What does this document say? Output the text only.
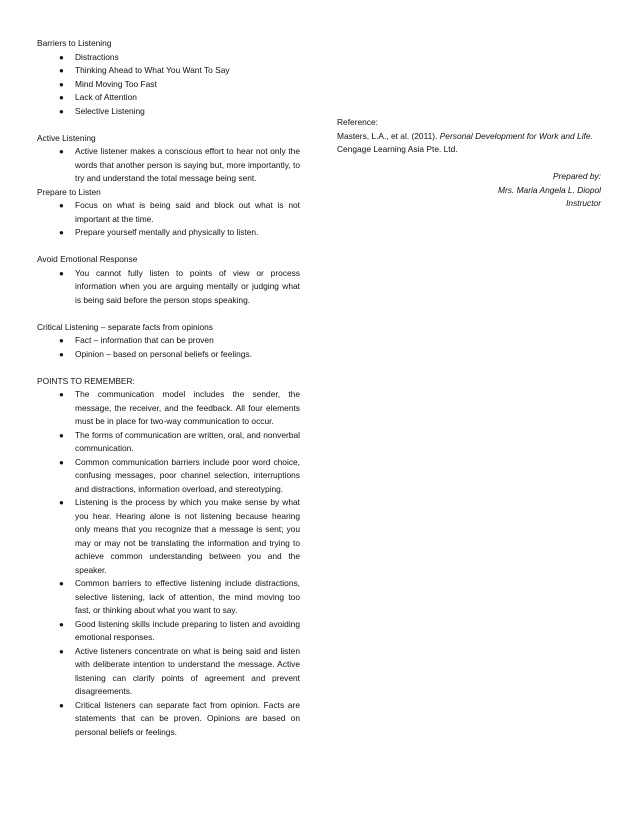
Barriers to Listening

● Distractions
● Thinking Ahead to What You Want To Say
● Mind Moving Too Fast
● Lack of Attention
● Selective Listening

Active Listening

● Active listener makes a conscious effort to hear not only the words that another person is saying but, more importantly, to try and understand the total message being sent.

Prepare to Listen

● Focus on what is being said and block out what is not important at the time.
● Prepare yourself mentally and physically to listen.

Avoid Emotional Response

● You cannot fully listen to points of view or process information when you are arguing mentally or judging what is being said before the person stops speaking.

Critical Listening – separate facts from opinions

● Fact – information that can be proven
● Opinion – based on personal beliefs or feelings.

POINTS TO REMEMBER:

● The communication model includes the sender, the message, the receiver, and the feedback. All four elements must be in place for two-way communication to occur.
● The forms of communication are written, oral, and nonverbal communication.
● Common communication barriers include poor word choice, confusing messages, poor channel selection, interruptions and distractions, information overload, and stereotyping.
● Listening is the process by which you make sense by what you hear. Hearing alone is not listening because hearing only means that you recognize that a message is sent; you may or may not be translating the information and trying to achieve common understanding between you and the speaker.
● Common barriers to effective listening include distractions, selective listening, lack of attention, the mind moving too fast, or thinking about what you want to say.
● Good listening skills include preparing to listen and avoiding emotional responses.
● Active listeners concentrate on what is being said and listen with deliberate intention to understand the message. Active listening can clarify points of agreement and prevent disagreements.
● Critical listeners can separate fact from opinion. Facts are statements that can be proven. Opinions are based on personal beliefs or feelings.

Reference:

Masters, L.A., et al. (2011). Personal Development for Work and Life.

Cengage Learning Asia Pte. Ltd.

Prepared by:

Mrs. Maria Angela L. Diopol

Instructor
